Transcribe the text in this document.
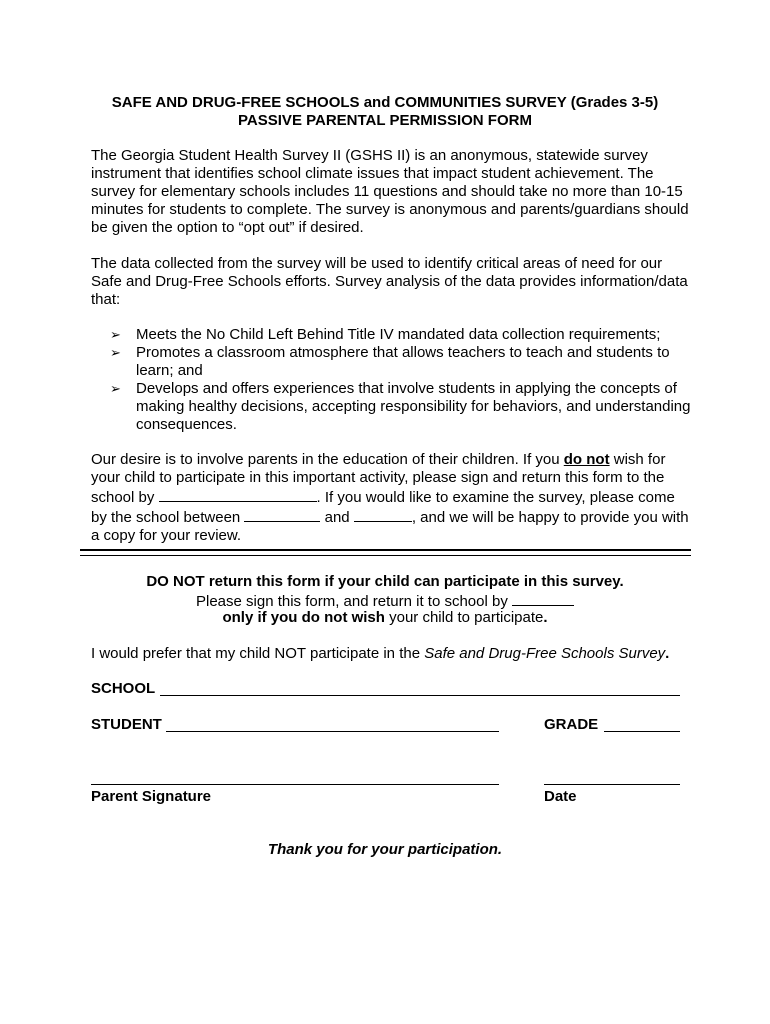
SAFE AND DRUG-FREE SCHOOLS and COMMUNITIES SURVEY (Grades 3-5)
PASSIVE PARENTAL PERMISSION FORM
The Georgia Student Health Survey II (GSHS II) is an anonymous, statewide survey instrument that identifies school climate issues that impact student achievement. The survey for elementary schools includes 11 questions and should take no more than 10-15 minutes for students to complete. The survey is anonymous and parents/guardians should be given the option to “opt out” if desired.
The data collected from the survey will be used to identify critical areas of need for our Safe and Drug-Free Schools efforts. Survey analysis of the data provides information/data that:
➢ Meets the No Child Left Behind Title IV mandated data collection requirements;
➢ Promotes a classroom atmosphere that allows teachers to teach and students to learn; and
➢ Develops and offers experiences that involve students in applying the concepts of making healthy decisions, accepting responsibility for behaviors, and understanding consequences.
Our desire is to involve parents in the education of their children. If you do not wish for your child to participate in this important activity, please sign and return this form to the school by	. If you would like to examine the survey, please come by the school between	and	, and we will be happy to provide you with a copy for your review.
DO NOT return this form if your child can participate in this survey.
Please sign this form, and return it to school by
only if you do not wish your child to participate.
I would prefer that my child NOT participate in the Safe and Drug-Free Schools Survey.
SCHOOL
STUDENT	GRADE
Parent Signature	Date
Thank you for your participation.
